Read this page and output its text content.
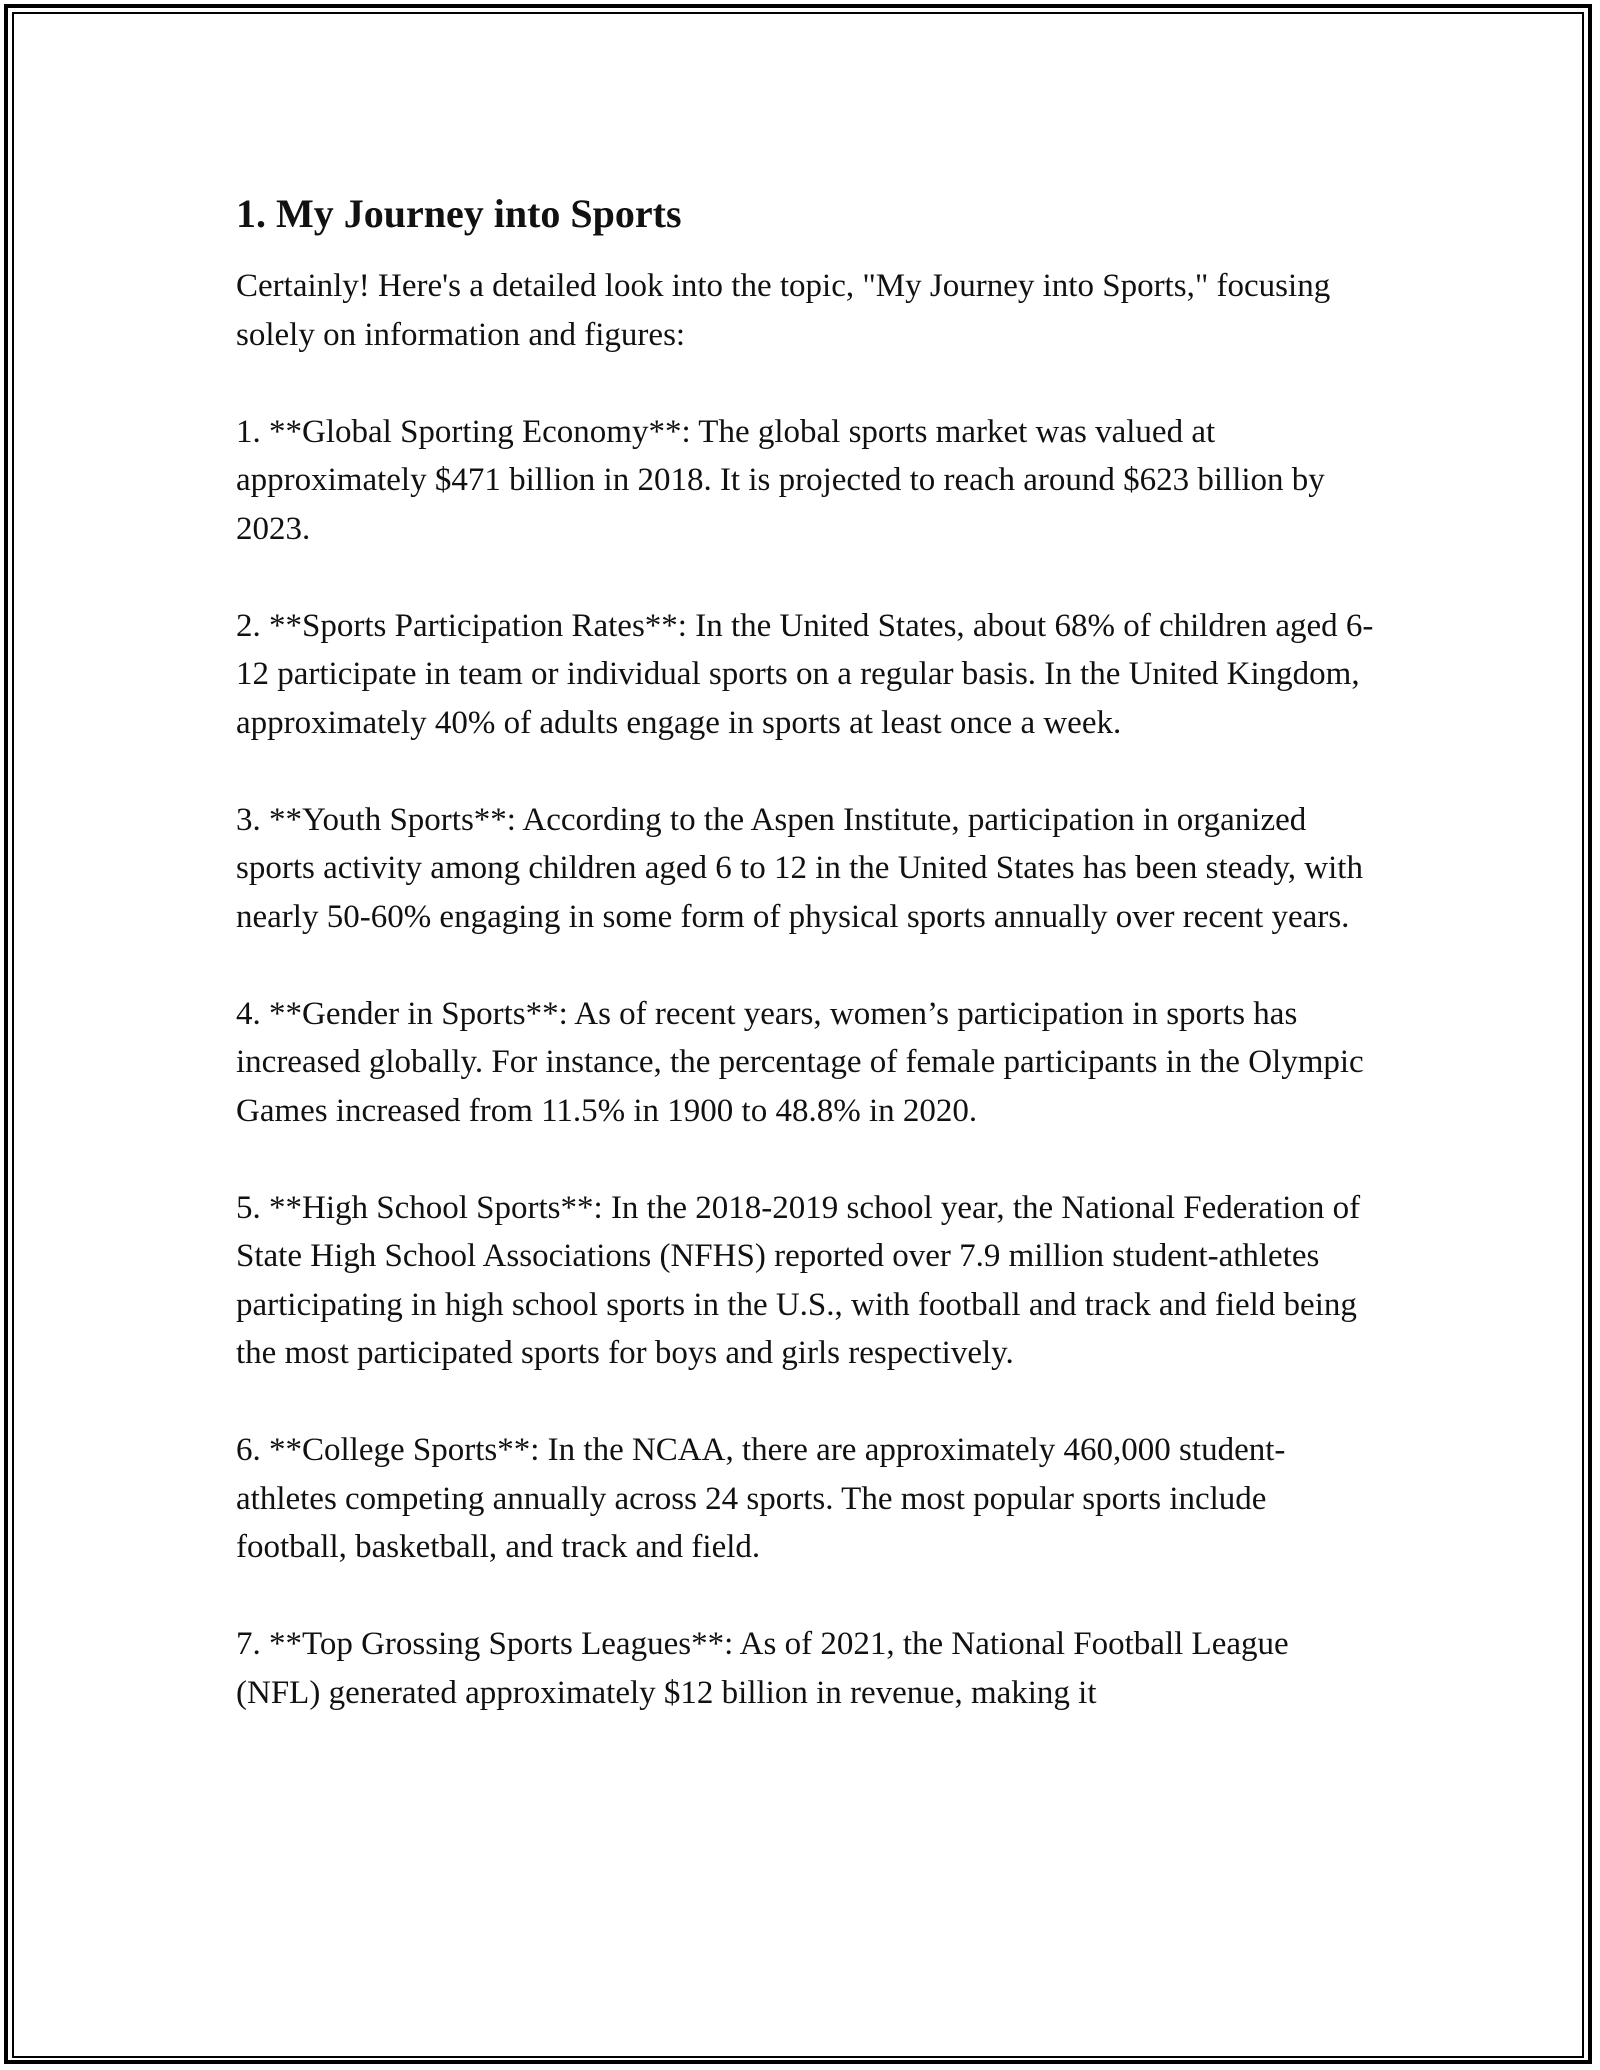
1. My Journey into Sports

Certainly! Here's a detailed look into the topic, "My Journey into Sports," focusing solely on information and figures:

1. **Global Sporting Economy**: The global sports market was valued at approximately $471 billion in 2018. It is projected to reach around $623 billion by 2023.

2. **Sports Participation Rates**: In the United States, about 68% of children aged 6-12 participate in team or individual sports on a regular basis. In the United Kingdom, approximately 40% of adults engage in sports at least once a week.

3. **Youth Sports**: According to the Aspen Institute, participation in organized sports activity among children aged 6 to 12 in the United States has been steady, with nearly 50-60% engaging in some form of physical sports annually over recent years.

4. **Gender in Sports**: As of recent years, women’s participation in sports has increased globally. For instance, the percentage of female participants in the Olympic Games increased from 11.5% in 1900 to 48.8% in 2020.

5. **High School Sports**: In the 2018-2019 school year, the National Federation of State High School Associations (NFHS) reported over 7.9 million student-athletes participating in high school sports in the U.S., with football and track and field being the most participated sports for boys and girls respectively.

6. **College Sports**: In the NCAA, there are approximately 460,000 student-athletes competing annually across 24 sports. The most popular sports include football, basketball, and track and field.

7. **Top Grossing Sports Leagues**: As of 2021, the National Football League (NFL) generated approximately $12 billion in revenue, making it
